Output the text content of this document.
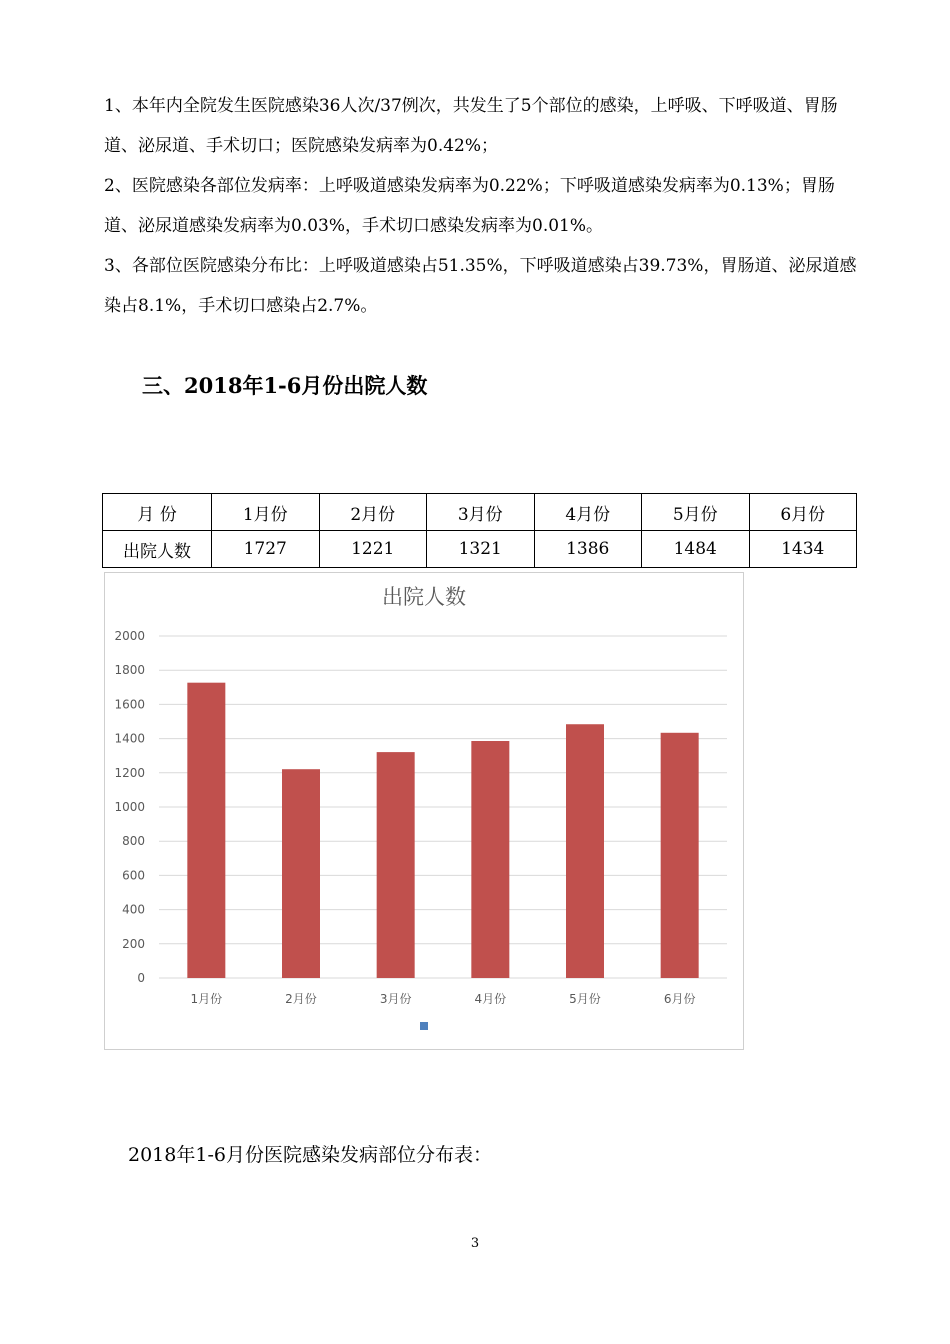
1、本年内全院发生医院感染36人次/37例次，共发生了5个部位的感染，上呼吸、下呼吸道、胃肠道、泌尿道、手术切口；医院感染发病率为0.42%；

2、医院感染各部位发病率：上呼吸道感染发病率为0.22%；下呼吸道感染发病率为0.13%；胃肠道、泌尿道感染发病率为0.03%，手术切口感染发病率为0.01%。

3、各部位医院感染分布比：上呼吸道感染占51.35%，下呼吸道感染占39.73%，胃肠道、泌尿道感染占8.1%，手术切口感染占2.7%。

三、2018年1-6月份出院人数
月 份	1月份	2月份	3月份	4月份	5月份	6月份
出院人数	1727	1221	1321	1386	1484	1434
出院人数
0
200
400
600
800
1000
1200
1400
1600
1800
2000
1月份	2月份	3月份	4月份	5月份	6月份

2018年1-6月份医院感染发病部位分布表：

3
